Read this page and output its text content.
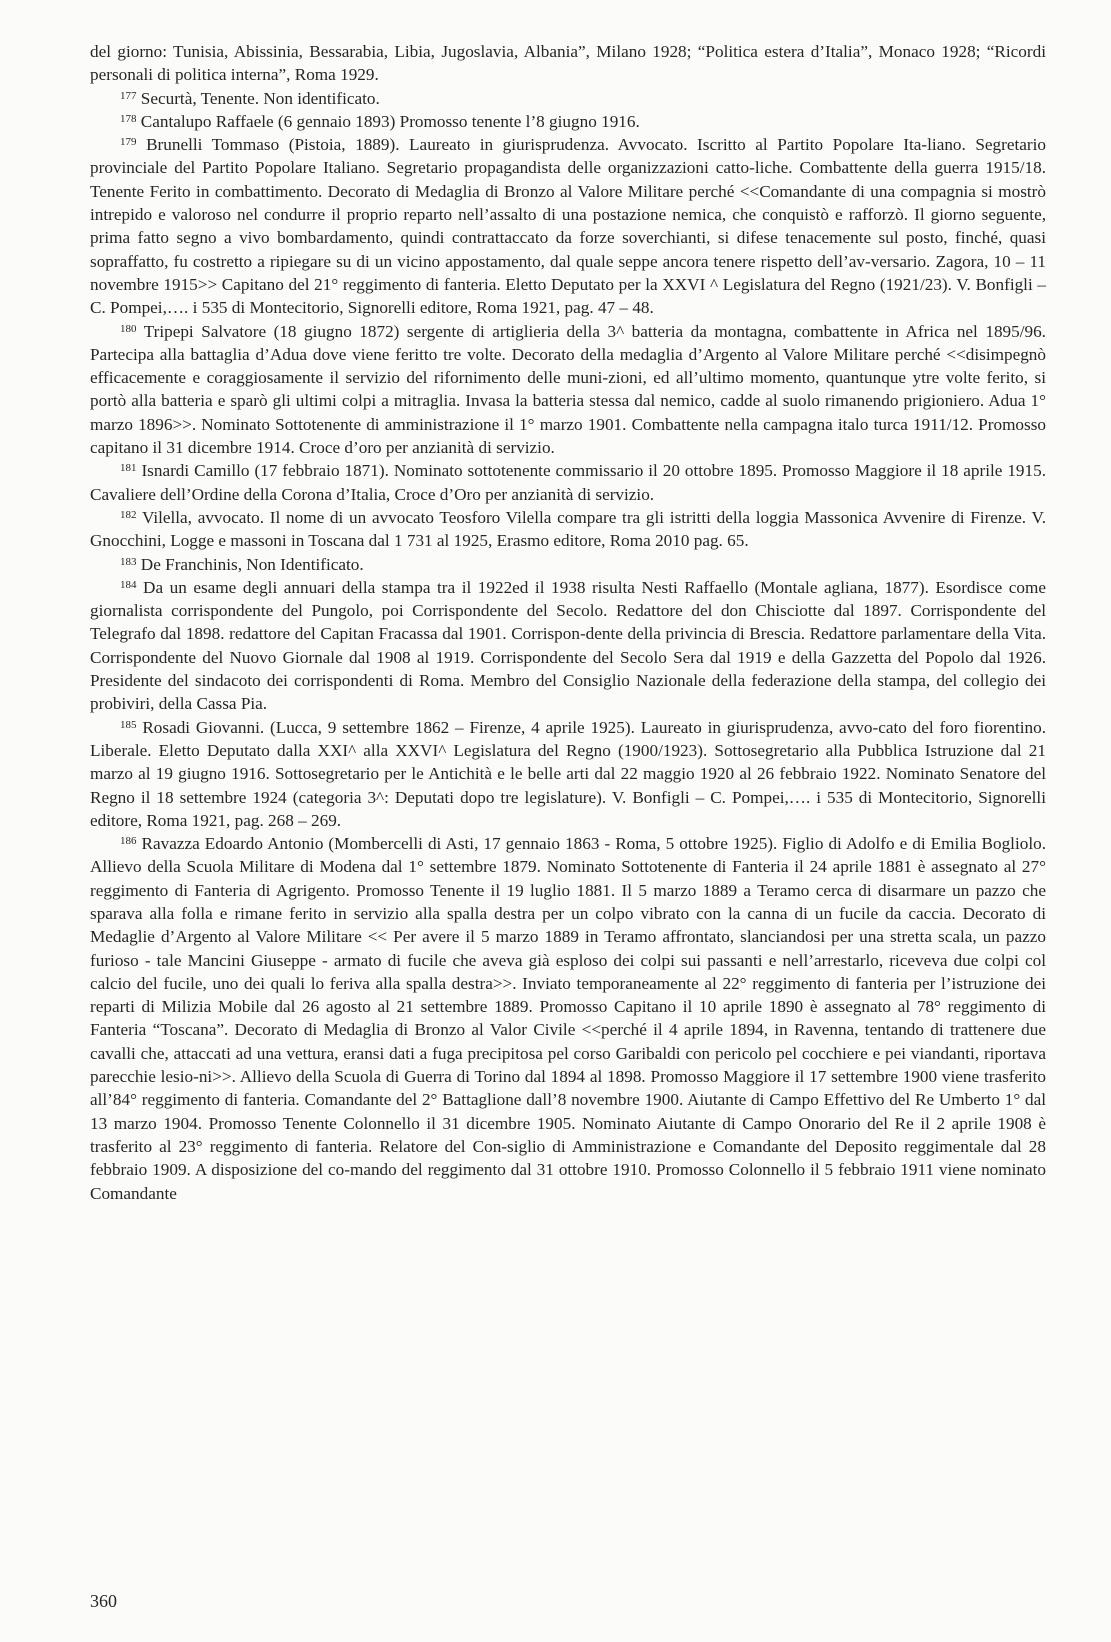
del giorno: Tunisia, Abissinia, Bessarabia, Libia, Jugoslavia, Albania”, Milano 1928; “Politica estera d’Italia”, Monaco 1928; “Ricordi personali di politica interna”, Roma 1929.

$^{177}$ Securtà, Tenente. Non identificato.

$^{178}$ Cantalupo Raffaele (6 gennaio 1893) Promosso tenente l’8 giugno 1916.

$^{179}$ Brunelli Tommaso (Pistoia, 1889). Laureato in giurisprudenza. Avvocato. Iscritto al Partito Popolare Ita-liano. Segretario provinciale del Partito Popolare Italiano. Segretario propagandista delle organizzazioni catto-liche. Combattente della guerra 1915/18. Tenente Ferito in combattimento. Decorato di Medaglia di Bronzo al Valore Militare perché <<Comandante di una compagnia si mostrò intrepido e valoroso nel condurre il proprio reparto nell’assalto di una postazione nemica, che conquistò e rafforzò. Il giorno seguente, prima fatto segno a vivo bombardamento, quindi contrattaccato da forze soverchianti, si difese tenacemente sul posto, finché, quasi sopraffatto, fu costretto a ripiegare su di un vicino appostamento, dal quale seppe ancora tenere rispetto dell’av-versario. Zagora, 10 – 11 novembre 1915>> Capitano del 21° reggimento di fanteria. Eletto Deputato per la XXVI ^ Legislatura del Regno (1921/23). V. Bonfigli – C. Pompei,…. i 535 di Montecitorio, Signorelli editore, Roma 1921, pag. 47 – 48.

$^{180}$ Tripepi Salvatore (18 giugno 1872) sergente di artiglieria della 3^ batteria da montagna, combattente in Africa nel 1895/96. Partecipa alla battaglia d’Adua dove viene feritto tre volte. Decorato della medaglia d’Argento al Valore Militare perché <<disimpegnò efficacemente e coraggiosamente il servizio del rifornimento delle muni-zioni, ed all’ultimo momento, quantunque ytre volte ferito, si portò alla batteria e sparò gli ultimi colpi a mitraglia. Invasa la batteria stessa dal nemico, cadde al suolo rimanendo prigioniero. Adua 1° marzo 1896>>. Nominato Sottotenente di amministrazione il 1° marzo 1901. Combattente nella campagna italo turca 1911/12. Promosso capitano il 31 dicembre 1914. Croce d’oro per anzianità di servizio.

$^{181}$ Isnardi Camillo (17 febbraio 1871). Nominato sottotenente commissario il 20 ottobre 1895. Promosso Maggiore il 18 aprile 1915. Cavaliere dell’Ordine della Corona d’Italia, Croce d’Oro per anzianità di servizio.

$^{182}$ Vilella, avvocato. Il nome di un avvocato Teosforo Vilella compare tra gli istritti della loggia Massonica Avvenire di Firenze. V. Gnocchini, Logge e massoni in Toscana dal 1 731 al 1925, Erasmo editore, Roma 2010 pag. 65.

$^{183}$ De Franchinis, Non Identificato.

$^{184}$ Da un esame degli annuari della stampa tra il 1922ed il 1938 risulta Nesti Raffaello (Montale agliana, 1877). Esordisce come giornalista corrispondente del Pungolo, poi Corrispondente del Secolo. Redattore del don Chisciotte dal 1897. Corrispondente del Telegrafo dal 1898. redattore del Capitan Fracassa dal 1901. Corrispon-dente della privincia di Brescia. Redattore parlamentare della Vita. Corrispondente del Nuovo Giornale dal 1908 al 1919. Corrispondente del Secolo Sera dal 1919 e della Gazzetta del Popolo dal 1926. Presidente del sindacoto dei corrispondenti di Roma. Membro del Consiglio Nazionale della federazione della stampa, del collegio dei probiviri, della Cassa Pia.

$^{185}$ Rosadi Giovanni. (Lucca, 9 settembre 1862 – Firenze, 4 aprile 1925). Laureato in giurisprudenza, avvo-cato del foro fiorentino. Liberale. Eletto Deputato dalla XXI^ alla XXVI^ Legislatura del Regno (1900/1923). Sottosegretario alla Pubblica Istruzione dal 21 marzo al 19 giugno 1916. Sottosegretario per le Antichità e le belle arti dal 22 maggio 1920 al 26 febbraio 1922. Nominato Senatore del Regno il 18 settembre 1924 (categoria 3^: Deputati dopo tre legislature). V. Bonfigli – C. Pompei,…. i 535 di Montecitorio, Signorelli editore, Roma 1921, pag. 268 – 269.

$^{186}$ Ravazza Edoardo Antonio (Mombercelli di Asti, 17 gennaio 1863 - Roma, 5 ottobre 1925). Figlio di Adolfo e di Emilia Bogliolo. Allievo della Scuola Militare di Modena dal 1° settembre 1879. Nominato Sottotenente di Fanteria il 24 aprile 1881 è assegnato al 27° reggimento di Fanteria di Agrigento. Promosso Tenente il 19 luglio 1881. Il 5 marzo 1889 a Teramo cerca di disarmare un pazzo che sparava alla folla e rimane ferito in servizio alla spalla destra per un colpo vibrato con la canna di un fucile da caccia. Decorato di Medaglie d’Argento al Valore Militare << Per avere il 5 marzo 1889 in Teramo affrontato, slanciandosi per una stretta scala, un pazzo furioso - tale Mancini Giuseppe - armato di fucile che aveva già esploso dei colpi sui passanti e nell’arrestarlo, riceveva due colpi col calcio del fucile, uno dei quali lo feriva alla spalla destra>>. Inviato temporaneamente al 22° reggimento di fanteria per l’istruzione dei reparti di Milizia Mobile dal 26 agosto al 21 settembre 1889. Promosso Capitano il 10 aprile 1890 è assegnato al 78° reggimento di Fanteria “Toscana”. Decorato di Medaglia di Bronzo al Valor Civile <<perché il 4 aprile 1894, in Ravenna, tentando di trattenere due cavalli che, attaccati ad una vettura, eransi dati a fuga precipitosa pel corso Garibaldi con pericolo pel cocchiere e pei viandanti, riportava parecchie lesio-ni>>. Allievo della Scuola di Guerra di Torino dal 1894 al 1898. Promosso Maggiore il 17 settembre 1900 viene trasferito all’84° reggimento di fanteria. Comandante del 2° Battaglione dall’8 novembre 1900. Aiutante di Campo Effettivo del Re Umberto 1° dal 13 marzo 1904. Promosso Tenente Colonnello il 31 dicembre 1905. Nominato Aiutante di Campo Onorario del Re il 2 aprile 1908 è trasferito al 23° reggimento di fanteria. Relatore del Con-siglio di Amministrazione e Comandante del Deposito reggimentale dal 28 febbraio 1909. A disposizione del co-mando del reggimento dal 31 ottobre 1910. Promosso Colonnello il 5 febbraio 1911 viene nominato Comandante

360
